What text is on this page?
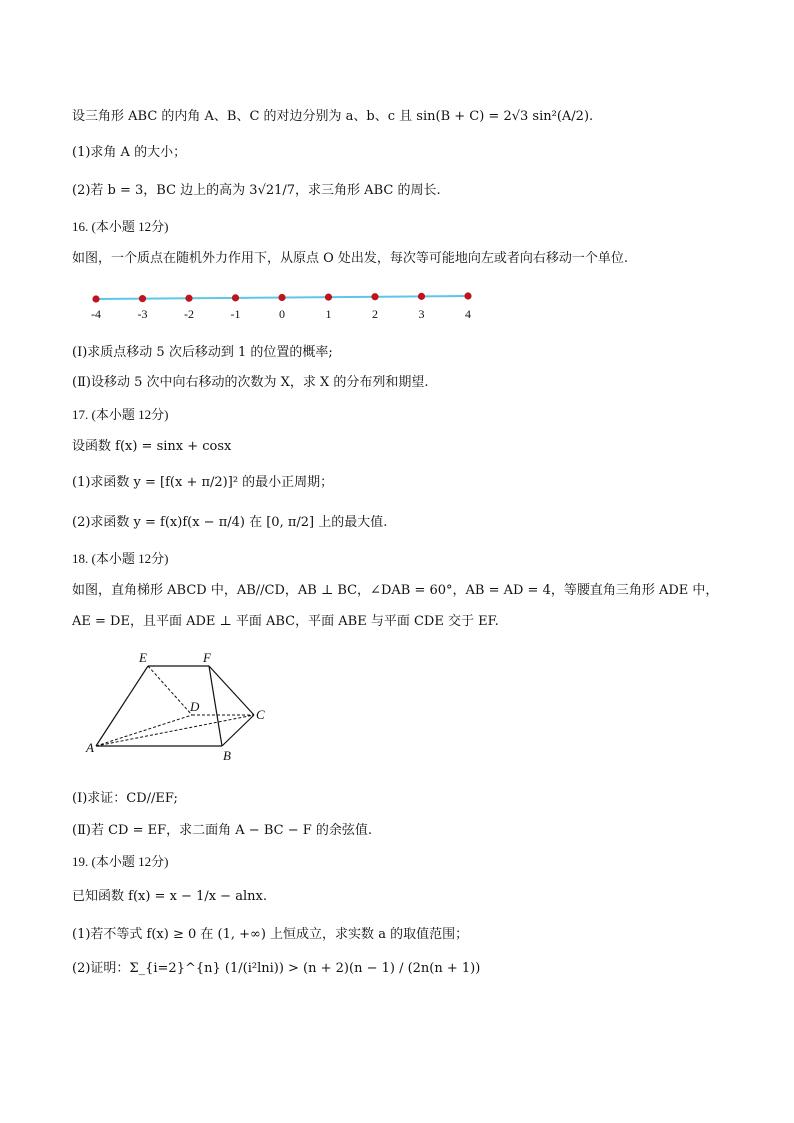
设三角形 ABC 的内角 A、B、C 的对边分别为 a、b、c 且 sin(B + C) = 2√3 sin²(A/2).
(1)求角 A 的大小；
(2)若 b = 3，BC 边上的高为 3√21/7，求三角形 ABC 的周长.
16. (本小题 12分)
如图，一个质点在随机外力作用下，从原点 O 处出发，每次等可能地向左或者向右移动一个单位.
-4	-3	-2	-1	0	1	2	3	4
(Ⅰ)求质点移动 5 次后移动到 1 的位置的概率;
(Ⅱ)设移动 5 次中向右移动的次数为 X，求 X 的分布列和期望.
17. (本小题 12分)
设函数 f(x) = sinx + cosx
(1)求函数 y = [f(x + π/2)]² 的最小正周期；
(2)求函数 y = f(x)f(x − π/4) 在 [0, π/2] 上的最大值.
18. (本小题 12分)
如图，直角梯形 ABCD 中，AB//CD，AB ⊥ BC，∠DAB = 60°，AB = AD = 4，等腰直角三角形 ADE 中，
AE = DE，且平面 ADE ⊥ 平面 ABC，平面 ABE 与平面 CDE 交于 EF.
E	F
D
C
A
B
(Ⅰ)求证：CD//EF;
(Ⅱ)若 CD = EF，求二面角 A − BC − F 的余弦值.
19. (本小题 12分)
已知函数 f(x) = x − 1/x − alnx.
(1)若不等式 f(x) ≥ 0 在 (1, +∞) 上恒成立，求实数 a 的取值范围；
(2)证明：Σ_{i=2}^{n} (1/(i²lni)) > (n + 2)(n − 1) / (2n(n + 1))
